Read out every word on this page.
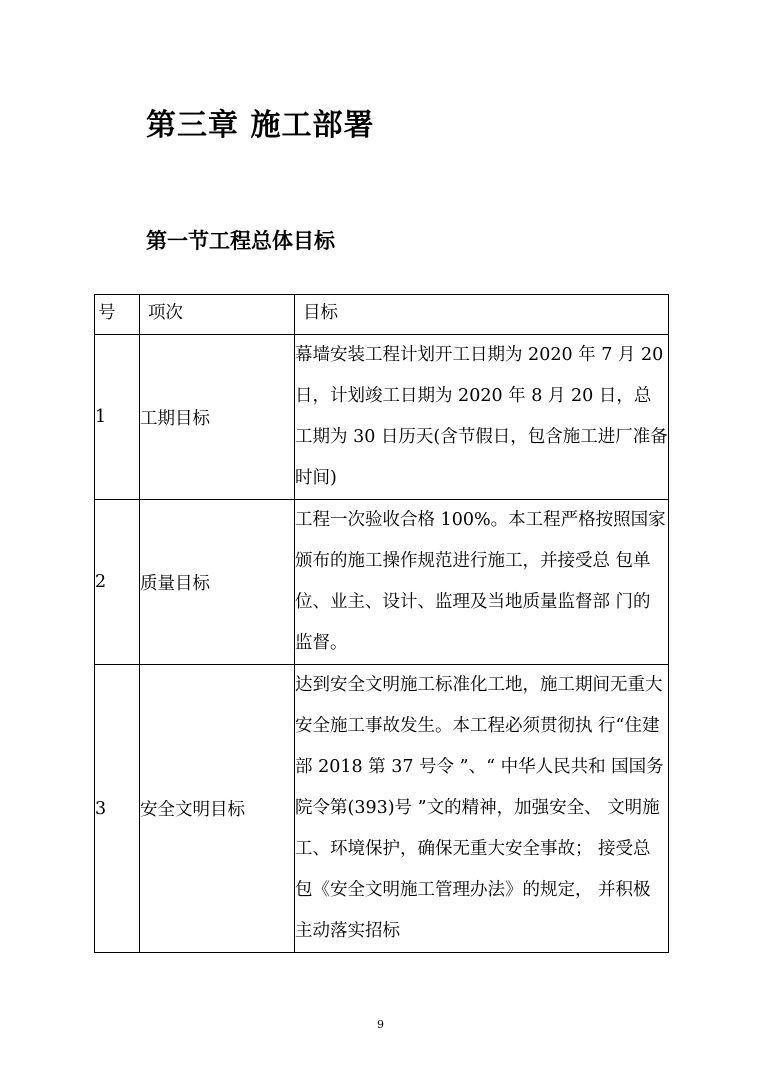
第三章 施工部署
第一节工程总体目标
号	项次	目标
1	工期目标	幕墙安装工程计划开工日期为 2020 年 7 月 20 日，计划竣工日期为 2020 年 8 月 20 日，总工期为 30 日历天(含节假日，包含施工进厂准备时间)
2	质量目标	工程一次验收合格 100%。本工程严格按照国家颁布的施工操作规范进行施工，并接受总 包单位、业主、设计、监理及当地质量监督部 门的监督。
3	安全文明目标	达到安全文明施工标准化工地，施工期间无重大安全施工事故发生。本工程必须贯彻执 行“住建部 2018 第 37 号令 ”、“ 中华人民共和 国国务院令第(393)号 ”文的精神，加强安全、 文明施工、环境保护，确保无重大安全事故； 接受总包《安全文明施工管理办法》的规定， 并积极主动落实招标

9
